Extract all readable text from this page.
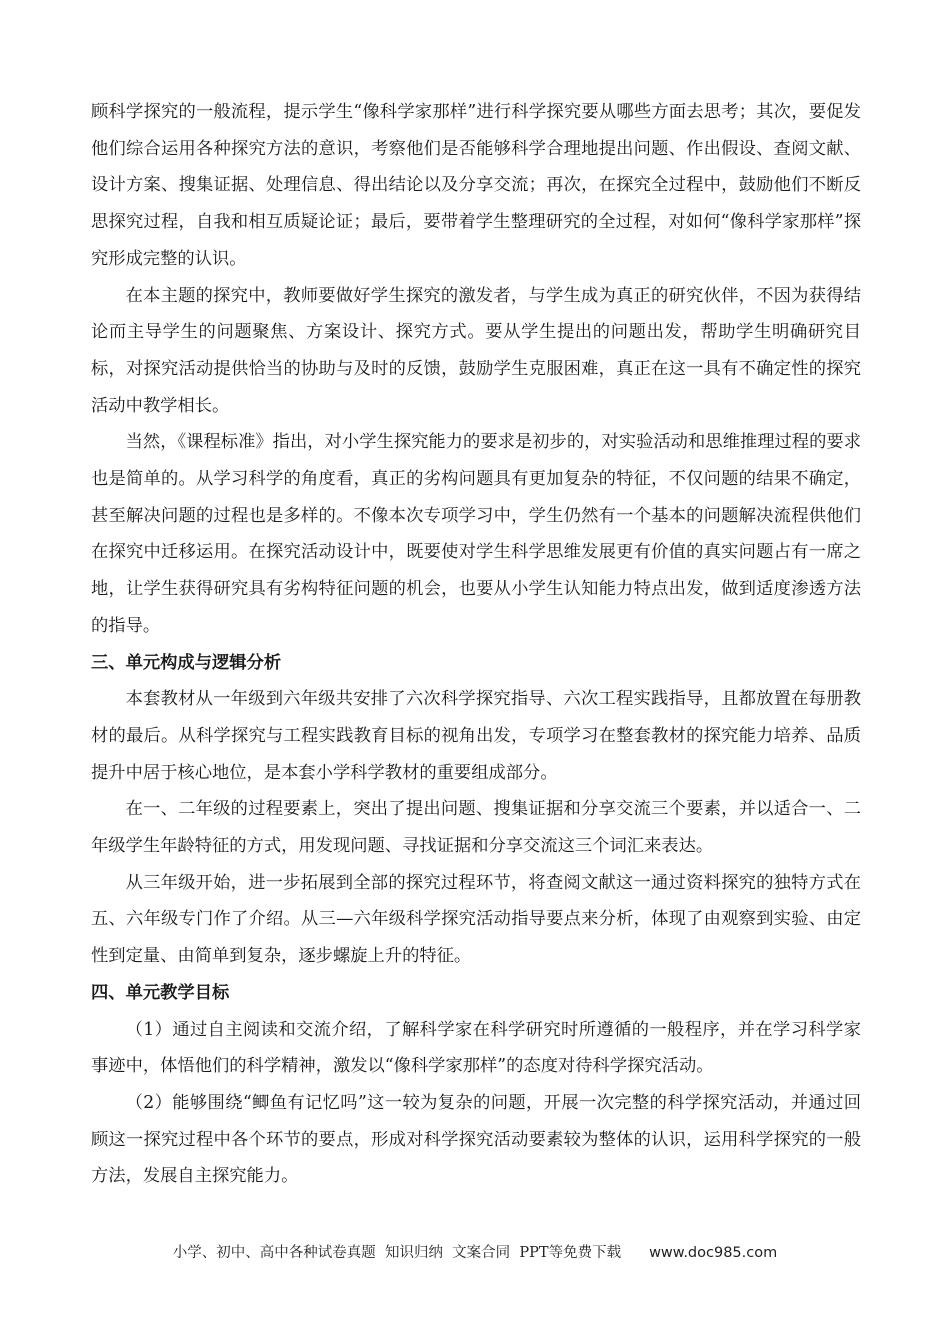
顾科学探究的一般流程，提示学生“像科学家那样”进行科学探究要从哪些方面去思考；其次，要促发他们综合运用各种探究方法的意识，考察他们是否能够科学合理地提出问题、作出假设、查阅文献、设计方案、搜集证据、处理信息、得出结论以及分享交流；再次，在探究全过程中，鼓励他们不断反思探究过程，自我和相互质疑论证；最后，要带着学生整理研究的全过程，对如何“像科学家那样”探究形成完整的认识。

在本主题的探究中，教师要做好学生探究的激发者，与学生成为真正的研究伙伴，不因为获得结论而主导学生的问题聚焦、方案设计、探究方式。要从学生提出的问题出发，帮助学生明确研究目标，对探究活动提供恰当的协助与及时的反馈，鼓励学生克服困难，真正在这一具有不确定性的探究活动中教学相长。

当然，《课程标准》指出，对小学生探究能力的要求是初步的，对实验活动和思维推理过程的要求也是简单的。从学习科学的角度看，真正的劣构问题具有更加复杂的特征，不仅问题的结果不确定，甚至解决问题的过程也是多样的。不像本次专项学习中，学生仍然有一个基本的问题解决流程供他们在探究中迁移运用。在探究活动设计中，既要使对学生科学思维发展更有价值的真实问题占有一席之地，让学生获得研究具有劣构特征问题的机会，也要从小学生认知能力特点出发，做到适度渗透方法的指导。

三、单元构成与逻辑分析

本套教材从一年级到六年级共安排了六次科学探究指导、六次工程实践指导，且都放置在每册教材的最后。从科学探究与工程实践教育目标的视角出发，专项学习在整套教材的探究能力培养、品质提升中居于核心地位，是本套小学科学教材的重要组成部分。

在一、二年级的过程要素上，突出了提出问题、搜集证据和分享交流三个要素，并以适合一、二年级学生年龄特征的方式，用发现问题、寻找证据和分享交流这三个词汇来表达。

从三年级开始，进一步拓展到全部的探究过程环节，将查阅文献这一通过资料探究的独特方式在五、六年级专门作了介绍。从三—六年级科学探究活动指导要点来分析，体现了由观察到实验、由定性到定量、由简单到复杂，逐步螺旋上升的特征。

四、单元教学目标

（1）通过自主阅读和交流介绍，了解科学家在科学研究时所遵循的一般程序，并在学习科学家事迹中，体悟他们的科学精神，激发以“像科学家那样”的态度对待科学探究活动。

（2）能够围绕“鲫鱼有记忆吗”这一较为复杂的问题，开展一次完整的科学探究活动，并通过回顾这一探究过程中各个环节的要点，形成对科学探究活动要素较为整体的认识，运用科学探究的一般方法，发展自主探究能力。

小学、初中、高中各种试卷真题  知识归纳  文案合同  PPT等免费下载 www.doc985.com
